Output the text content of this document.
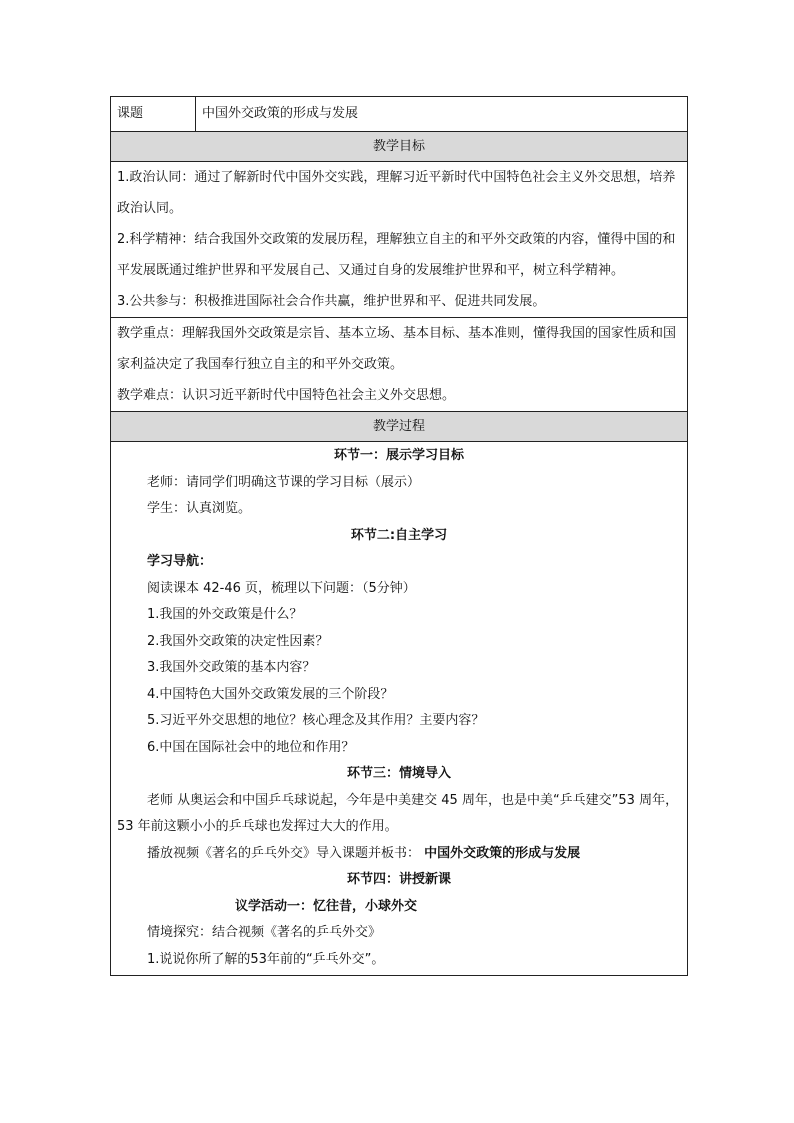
课题	中国外交政策的形成与发展
教学目标

1.政治认同：通过了解新时代中国外交实践，理解习近平新时代中国特色社会主义外交思想，培养政治认同。

2.科学精神：结合我国外交政策的发展历程，理解独立自主的和平外交政策的内容，懂得中国的和平发展既通过维护世界和平发展自己、又通过自身的发展维护世界和平，树立科学精神。

3.公共参与：积极推进国际社会合作共赢，维护世界和平、促进共同发展。

教学重点：理解我国外交政策是宗旨、基本立场、基本目标、基本准则，懂得我国的国家性质和国家利益决定了我国奉行独立自主的和平外交政策。

教学难点：认识习近平新时代中国特色社会主义外交思想。

教学过程

环节一：展示学习目标

老师：请同学们明确这节课的学习目标（展示）

学生：认真浏览。

环节二:自主学习

学习导航：

阅读课本 42-46 页，梳理以下问题：（5分钟）

1.我国的外交政策是什么？

2.我国外交政策的决定性因素？

3.我国外交政策的基本内容？

4.中国特色大国外交政策发展的三个阶段？

5.习近平外交思想的地位？核心理念及其作用？主要内容？

6.中国在国际社会中的地位和作用？

环节三：情境导入

老师 从奥运会和中国乒乓球说起，今年是中美建交 45 周年，也是中美“乒乓建交”53 周年，53 年前这颗小小的乒乓球也发挥过大大的作用。

播放视频《著名的乒乓外交》导入课题并板书： 中国外交政策的形成与发展

环节四：讲授新课

议学活动一：忆往昔，小球外交

情境探究：结合视频《著名的乒乓外交》

1.说说你所了解的53年前的“乒乓外交”。
